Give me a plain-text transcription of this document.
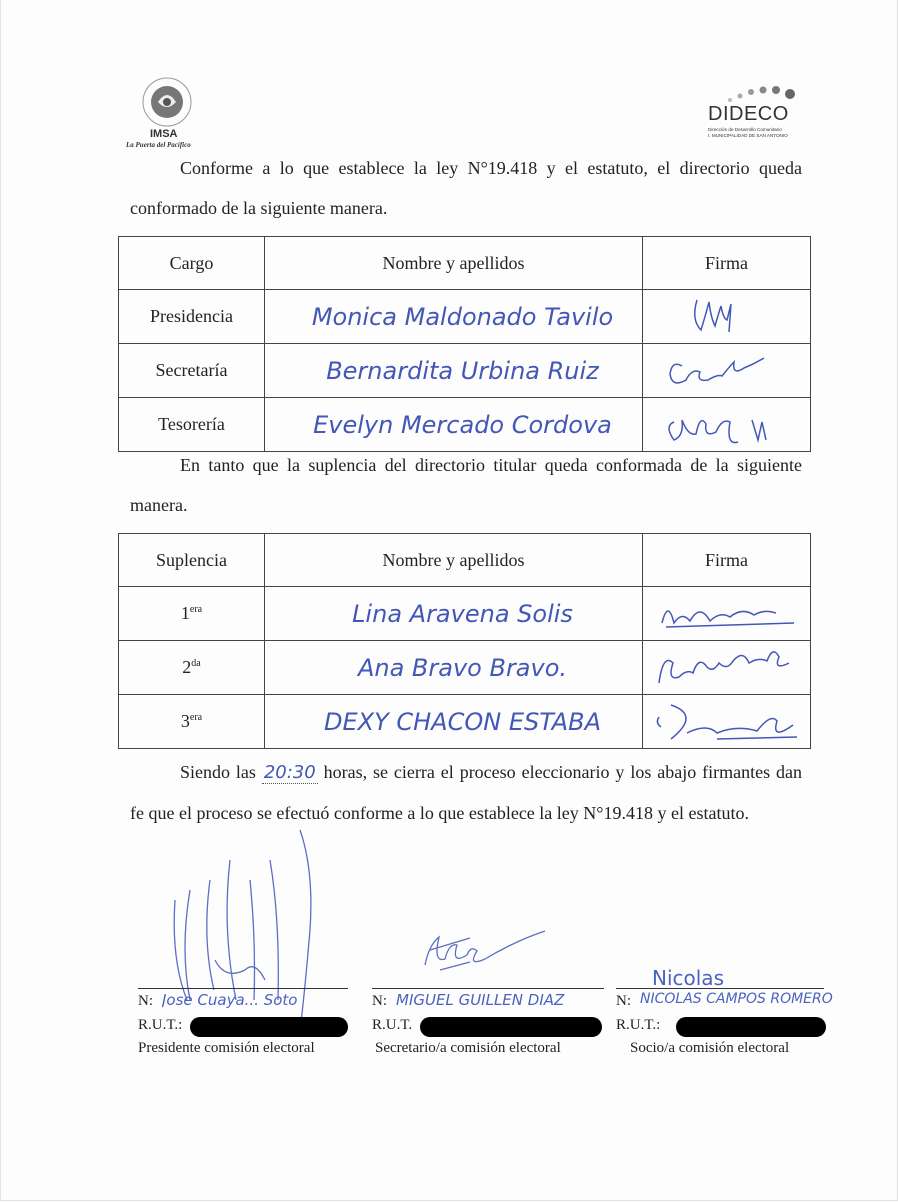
IMSA
La Puerta del Pacífico
DIDECO
Dirección de Desarrollo Comunitario
I. MUNICIPALIDAD DE SAN ANTONIO
Conforme a lo que establece la ley N°19.418 y el estatuto, el directorio queda conformado de la siguiente manera.
Cargo	Nombre y apellidos	Firma
Presidencia	Monica Maldonado Tavilo	

Secretaría	Bernardita Urbina Ruiz	

Tesorería	Evelyn Mercado Cordova	
En tanto que la suplencia del directorio titular queda conformada de la siguiente manera.
Suplencia	Nombre y apellidos	Firma
$1^{era}$	Lina Aravena Solis	

$2^{da}$	Ana Bravo Bravo.	

$3^{era}$	DEXY CHACON ESTABA	
Siendo las 20:30 horas, se cierra el proceso eleccionario y los abajo firmantes dan fe que el proceso se efectuó conforme a lo que establece la ley N°19.418 y el estatuto.
N: Jose Cuaya... Soto
R.U.T.:
Presidente comisión electoral
N: MIGUEL GUILLEN DIAZ
R.U.T.
Secretario/a comisión electoral
Nicolas
N: NICOLAS CAMPOS ROMERO
R.U.T.:
Socio/a comisión electoral
